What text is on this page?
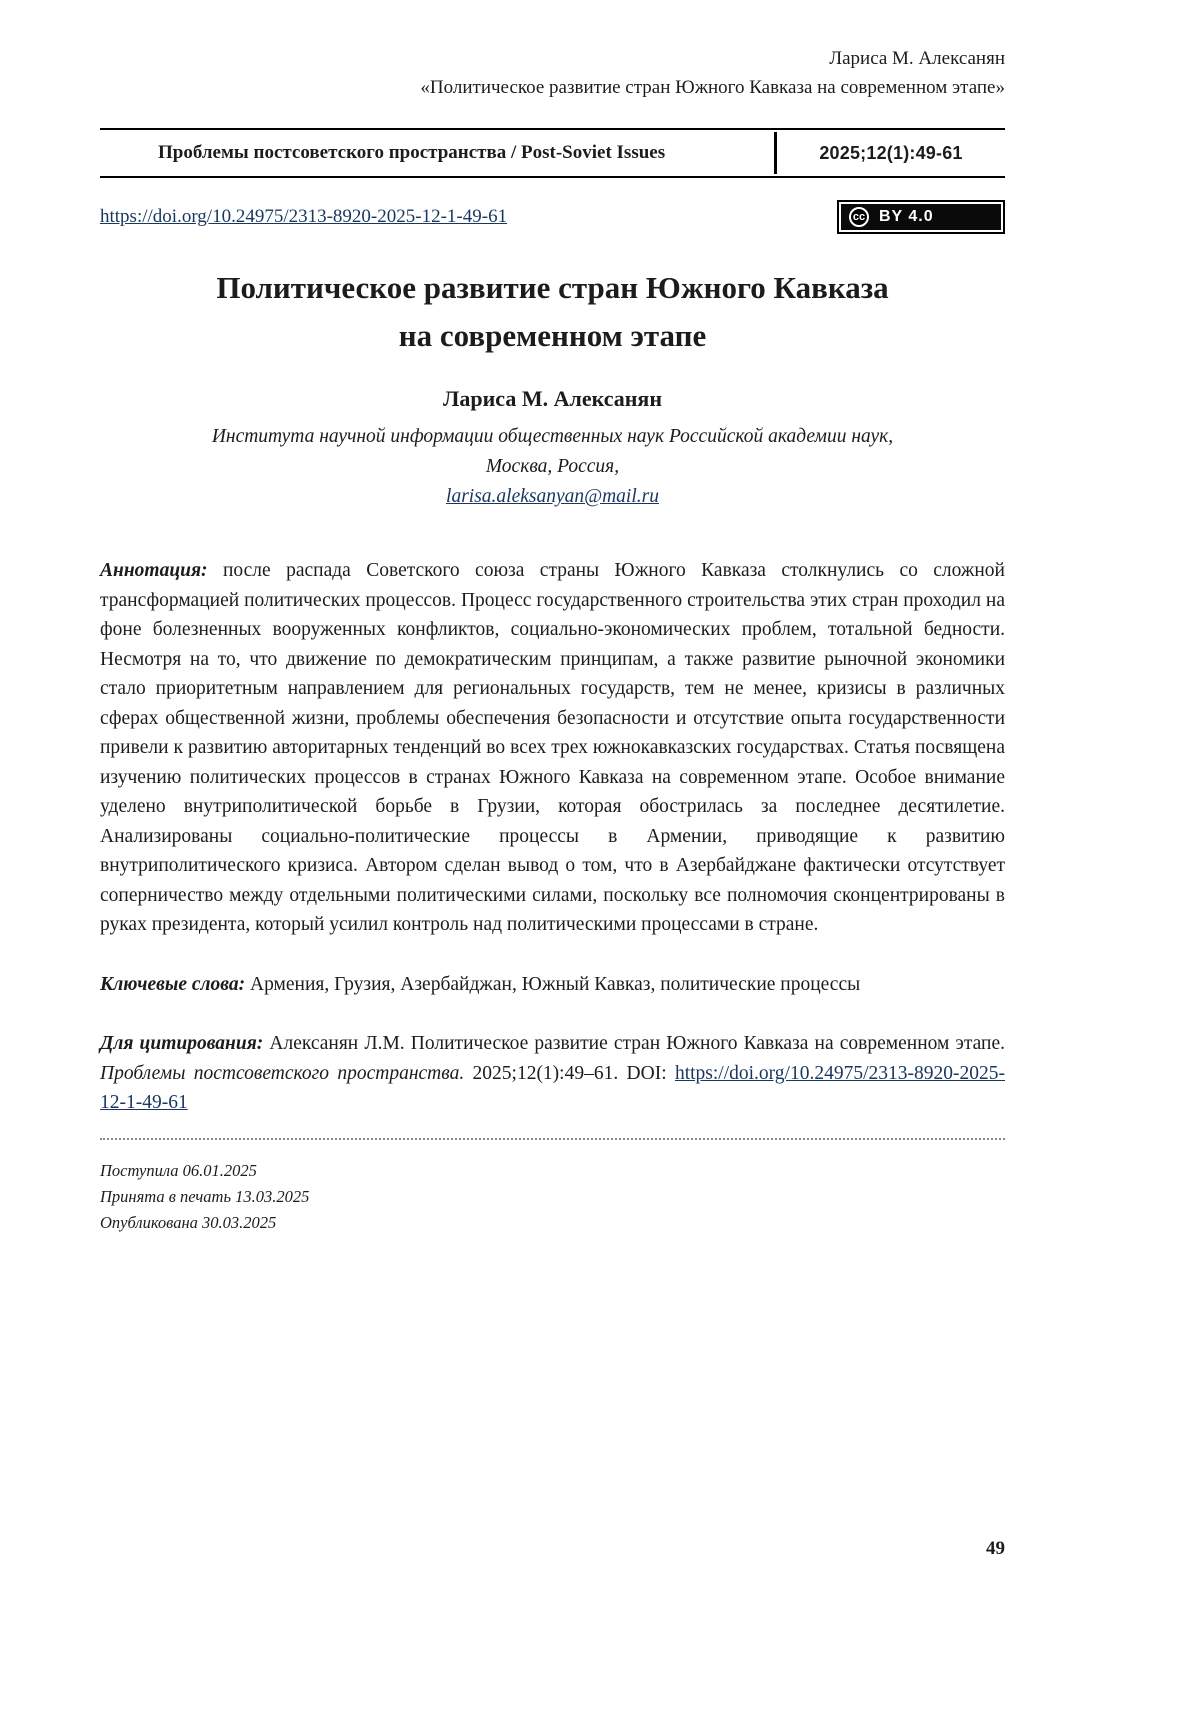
Лариса М. Алексанян
«Политическое развитие стран Южного Кавказа на современном этапе»
Проблемы постсоветского пространства / Post-Soviet Issues	2025;12(1):49-61
https://doi.org/10.24975/2313-8920-2025-12-1-49-61	cc BY 4.0
Политическое развитие стран Южного Кавказа
на современном этапе
Лариса М. Алексанян
Института научной информации общественных наук Российской академии наук,
Москва, Россия,
larisa.aleksanyan@mail.ru

Аннотация: после распада Советского союза страны Южного Кавказа столкнулись со сложной трансформацией политических процессов. Процесс государственного строительства этих стран проходил на фоне болезненных вооруженных конфликтов, социально-экономических проблем, тотальной бедности. Несмотря на то, что движение по демократическим принципам, а также развитие рыночной экономики стало приоритетным направлением для региональных государств, тем не менее, кризисы в различных сферах общественной жизни, проблемы обеспечения безопасности и отсутствие опыта государственности привели к развитию авторитарных тенденций во всех трех южнокавказских государствах. Статья посвящена изучению политических процессов в странах Южного Кавказа на современном этапе. Особое внимание уделено внутриполитической борьбе в Грузии, которая обострилась за последнее десятилетие. Анализированы социально-политические процессы в Армении, приводящие к развитию внутриполитического кризиса. Автором сделан вывод о том, что в Азербайджане фактически отсутствует соперничество между отдельными политическими силами, поскольку все полномочия сконцентрированы в руках президента, который усилил контроль над политическими процессами в стране.

Ключевые слова: Армения, Грузия, Азербайджан, Южный Кавказ, политические процессы

Для цитирования: Алексанян Л.М. Политическое развитие стран Южного Кавказа на современном этапе. Проблемы постсоветского пространства. 2025;12(1):49–61. DOI: https://doi.org/10.24975/2313-8920-2025-12-1-49-61

Поступила 06.01.2025
Принята в печать 13.03.2025
Опубликована 30.03.2025
49
